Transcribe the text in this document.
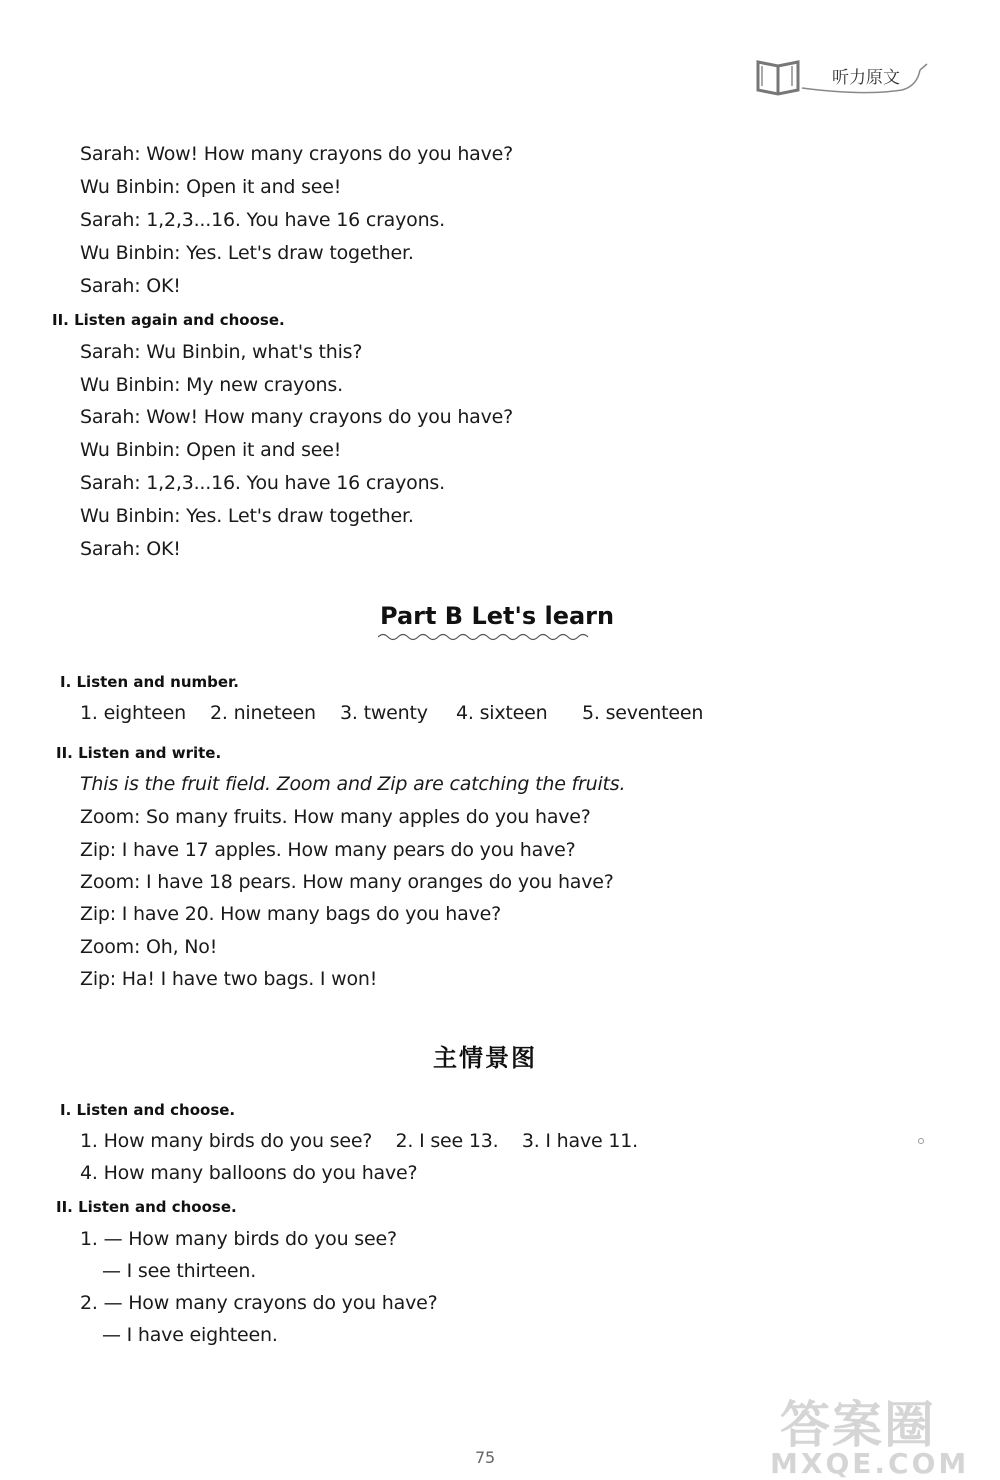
听力原文
Sarah: Wow! How many crayons do you have?
Wu Binbin: Open it and see!
Sarah: 1,2,3...16. You have 16 crayons.
Wu Binbin: Yes. Let's draw together.
Sarah: OK!
II. Listen again and choose.
Sarah: Wu Binbin, what's this?
Wu Binbin: My new crayons.
Sarah: Wow! How many crayons do you have?
Wu Binbin: Open it and see!
Sarah: 1,2,3...16. You have 16 crayons.
Wu Binbin: Yes. Let's draw together.
Sarah: OK!
Part B Let's learn
I. Listen and number.
1. eighteen 2. nineteen 3. twenty 4. sixteen 5. seventeen
II. Listen and write.
This is the fruit field. Zoom and Zip are catching the fruits.
Zoom: So many fruits. How many apples do you have?
Zip: I have 17 apples. How many pears do you have?
Zoom: I have 18 pears. How many oranges do you have?
Zip: I have 20. How many bags do you have?
Zoom: Oh, No!
Zip: Ha! I have two bags. I won!
主情景图
I. Listen and choose.
1. How many birds do you see?    2. I see 13.    3. I have 11.
4. How many balloons do you have?
II. Listen and choose.
1. — How many birds do you see?
— I see thirteen.
2. — How many crayons do you have?
— I have eighteen.
75
答案圈
MXQE.COM
